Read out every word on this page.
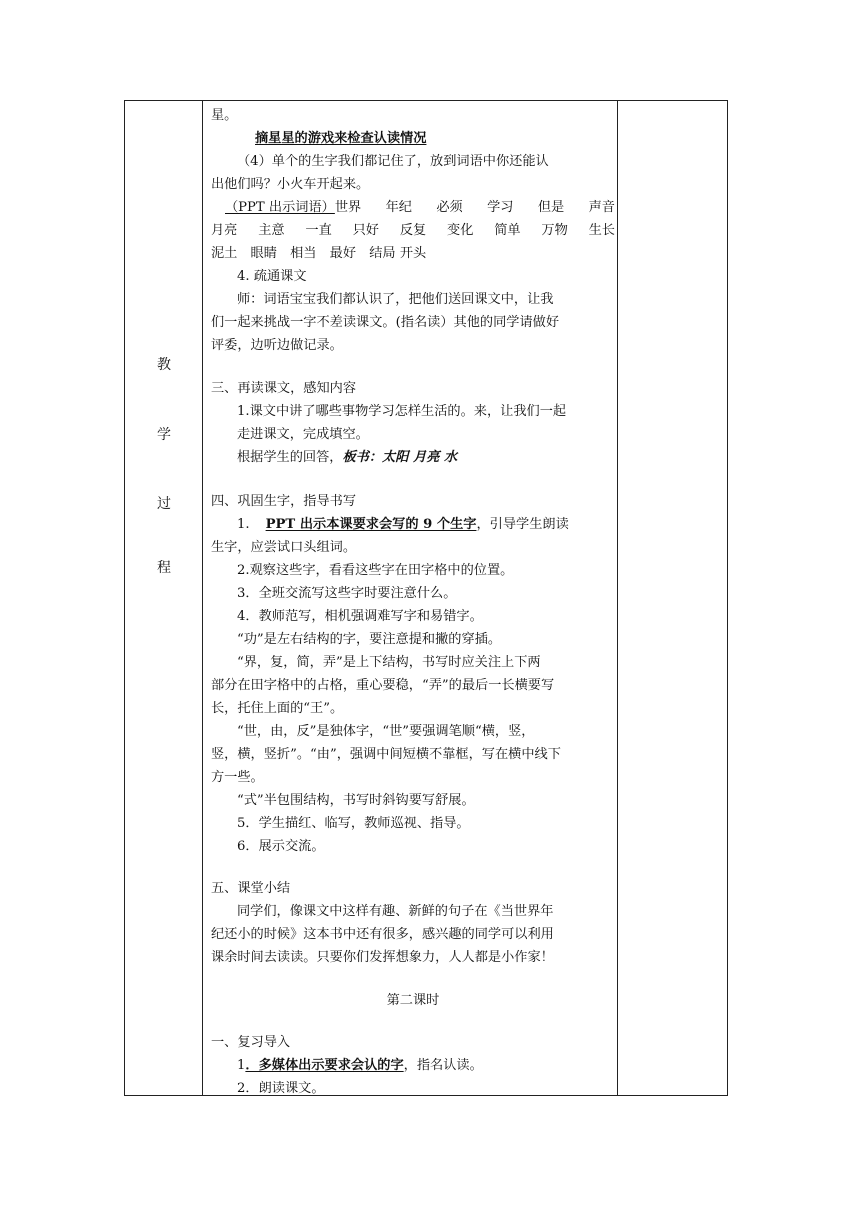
教
学
过
程
星。
摘星星的游戏来检查认读情况
（4）单个的生字我们都记住了，放到词语中你还能认
出他们吗？小火车开起来。
（PPT 出示词语）世界 年纪 必须 学习 但是 声音
月亮 主意 一直 只好 反复 变化 简单 万物 生长
泥土　眼睛　相当　最好　结局 开头
4. 疏通课文
师：词语宝宝我们都认识了，把他们送回课文中，让我
们一起来挑战一字不差读课文。(指名读）其他的同学请做好
评委，边听边做记录。
三、再读课文，感知内容
1.课文中讲了哪些事物学习怎样生活的。来，让我们一起
走进课文，完成填空。
根据学生的回答，板书：太阳 月亮 水
四、巩固生字，指导书写
1. PPT 出示本课要求会写的 9 个生字，引导学生朗读
生字，应尝试口头组词。
2.观察这些字，看看这些字在田字格中的位置。
3．全班交流写这些字时要注意什么。
4．教师范写，相机强调难写字和易错字。
“功”是左右结构的字，要注意提和撇的穿插。
“界，复，简，弄”是上下结构，书写时应关注上下两
部分在田字格中的占格，重心要稳，“弄”的最后一长横要写
长，托住上面的“王”。
“世，由，反”是独体字，“世”要强调笔顺“横，竖，
竖，横，竖折”。“由”，强调中间短横不靠框，写在横中线下
方一些。
“式”半包围结构，书写时斜钩要写舒展。
5．学生描红、临写，教师巡视、指导。
6．展示交流。
五、课堂小结
同学们，像课文中这样有趣、新鲜的句子在《当世界年
纪还小的时候》这本书中还有很多，感兴趣的同学可以利用
课余时间去读读。只要你们发挥想象力，人人都是小作家！
第二课时
一、复习导入
1．多媒体出示要求会认的字，指名认读。
2．朗读课文。
